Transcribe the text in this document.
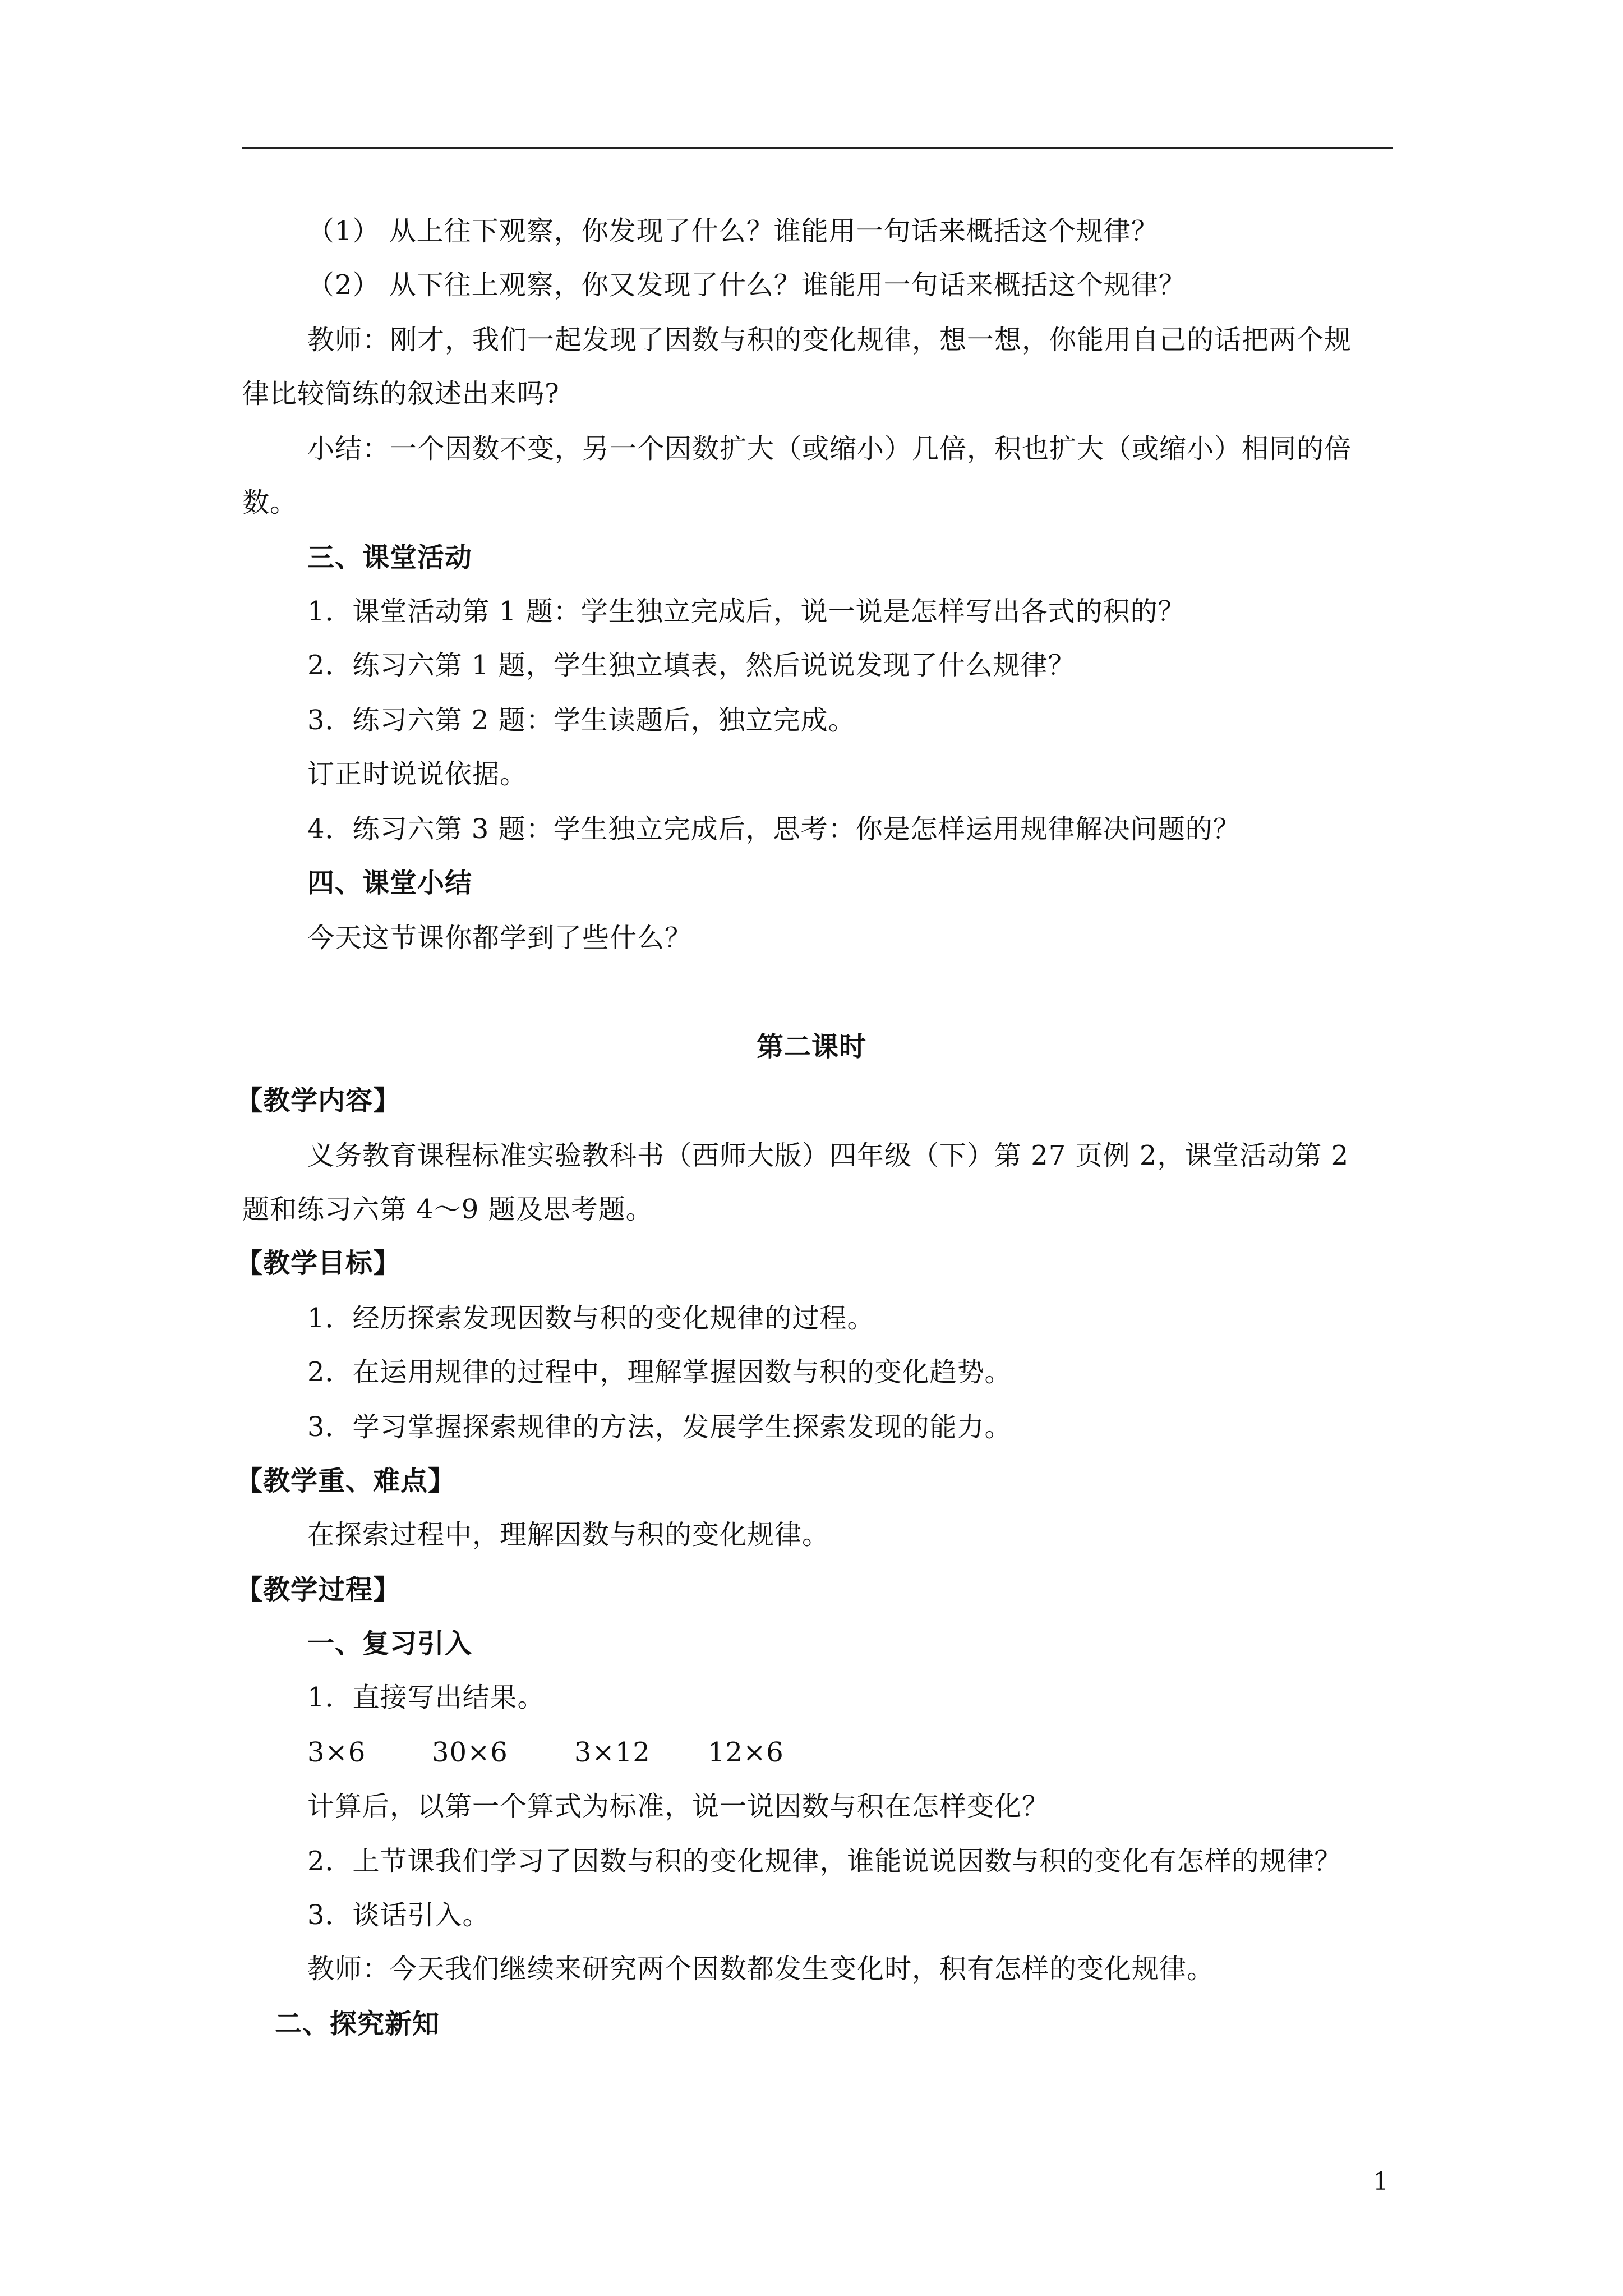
（1） 从上往下观察，你发现了什么？谁能用一句话来概括这个规律？
（2） 从下往上观察，你又发现了什么？谁能用一句话来概括这个规律？
教师：刚才，我们一起发现了因数与积的变化规律，想一想，你能用自己的话把两个规
律比较简练的叙述出来吗?
小结：一个因数不变，另一个因数扩大（或缩小）几倍，积也扩大（或缩小）相同的倍
数。
三、课堂活动
1．课堂活动第 1 题：学生独立完成后，说一说是怎样写出各式的积的？
2．练习六第 1 题，学生独立填表，然后说说发现了什么规律？
3．练习六第 2 题：学生读题后，独立完成。
订正时说说依据。
4．练习六第 3 题：学生独立完成后，思考：你是怎样运用规律解决问题的？
四、课堂小结
今天这节课你都学到了些什么？
第二课时
【教学内容】
义务教育课程标准实验教科书（西师大版）四年级（下）第 27 页例 2，课堂活动第 2
题和练习六第 4～9 题及思考题。
【教学目标】
1．经历探索发现因数与积的变化规律的过程。
2．在运用规律的过程中，理解掌握因数与积的变化趋势。
3．学习掌握探索规律的方法，发展学生探索发现的能力。
【教学重、难点】
在探索过程中，理解因数与积的变化规律。
【教学过程】
一、复习引入
1．直接写出结果。
3×6 30×6 3×12 12×6
计算后，以第一个算式为标准，说一说因数与积在怎样变化？
2．上节课我们学习了因数与积的变化规律，谁能说说因数与积的变化有怎样的规律？
3．谈话引入。
教师：今天我们继续来研究两个因数都发生变化时，积有怎样的变化规律。
二、探究新知
1
